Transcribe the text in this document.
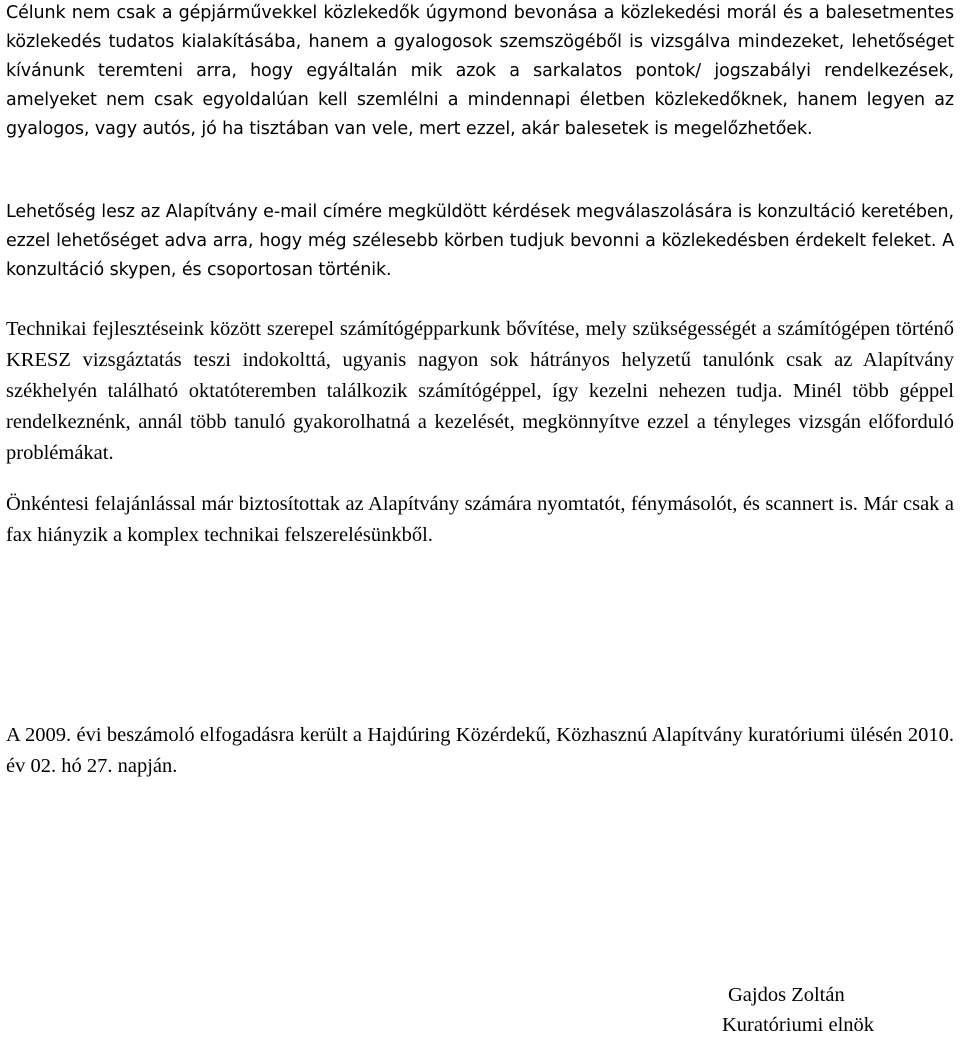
Célunk nem csak a gépjárművekkel közlekedők úgymond bevonása a közlekedési morál és a balesetmentes közlekedés tudatos kialakításába, hanem a gyalogosok szemszögéből is vizsgálva mindezeket, lehetőséget kívánunk teremteni arra, hogy egyáltalán mik azok a sarkalatos pontok/ jogszabályi rendelkezések, amelyeket nem csak egyoldalúan kell szemlélni a mindennapi életben közlekedőknek, hanem legyen az gyalogos, vagy autós, jó ha tisztában van vele, mert ezzel, akár balesetek is megelőzhetőek.

Lehetőség lesz az Alapítvány e-mail címére megküldött kérdések megválaszolására is konzultáció keretében, ezzel lehetőséget adva arra, hogy még szélesebb körben tudjuk bevonni a közlekedésben érdekelt feleket. A konzultáció skypen, és csoportosan történik.

Technikai fejlesztéseink között szerepel számítógépparkunk bővítése, mely szükségességét a számítógépen történő KRESZ vizsgáztatás teszi indokolttá, ugyanis nagyon sok hátrányos helyzetű tanulónk csak az Alapítvány székhelyén található oktatóteremben találkozik számítógéppel, így kezelni nehezen tudja. Minél több géppel rendelkeznénk, annál több tanuló gyakorolhatná a kezelését, megkönnyítve ezzel a tényleges vizsgán előforduló problémákat.

Önkéntesi felajánlással már biztosítottak az Alapítvány számára nyomtatót, fénymásolót, és scannert is. Már csak a fax hiányzik a komplex technikai felszerelésünkből.

A 2009. évi beszámoló elfogadásra került a Hajdúring Közérdekű, Közhasznú Alapítvány kuratóriumi ülésén 2010. év 02. hó 27. napján.

Gajdos Zoltán
Kuratóriumi elnök
